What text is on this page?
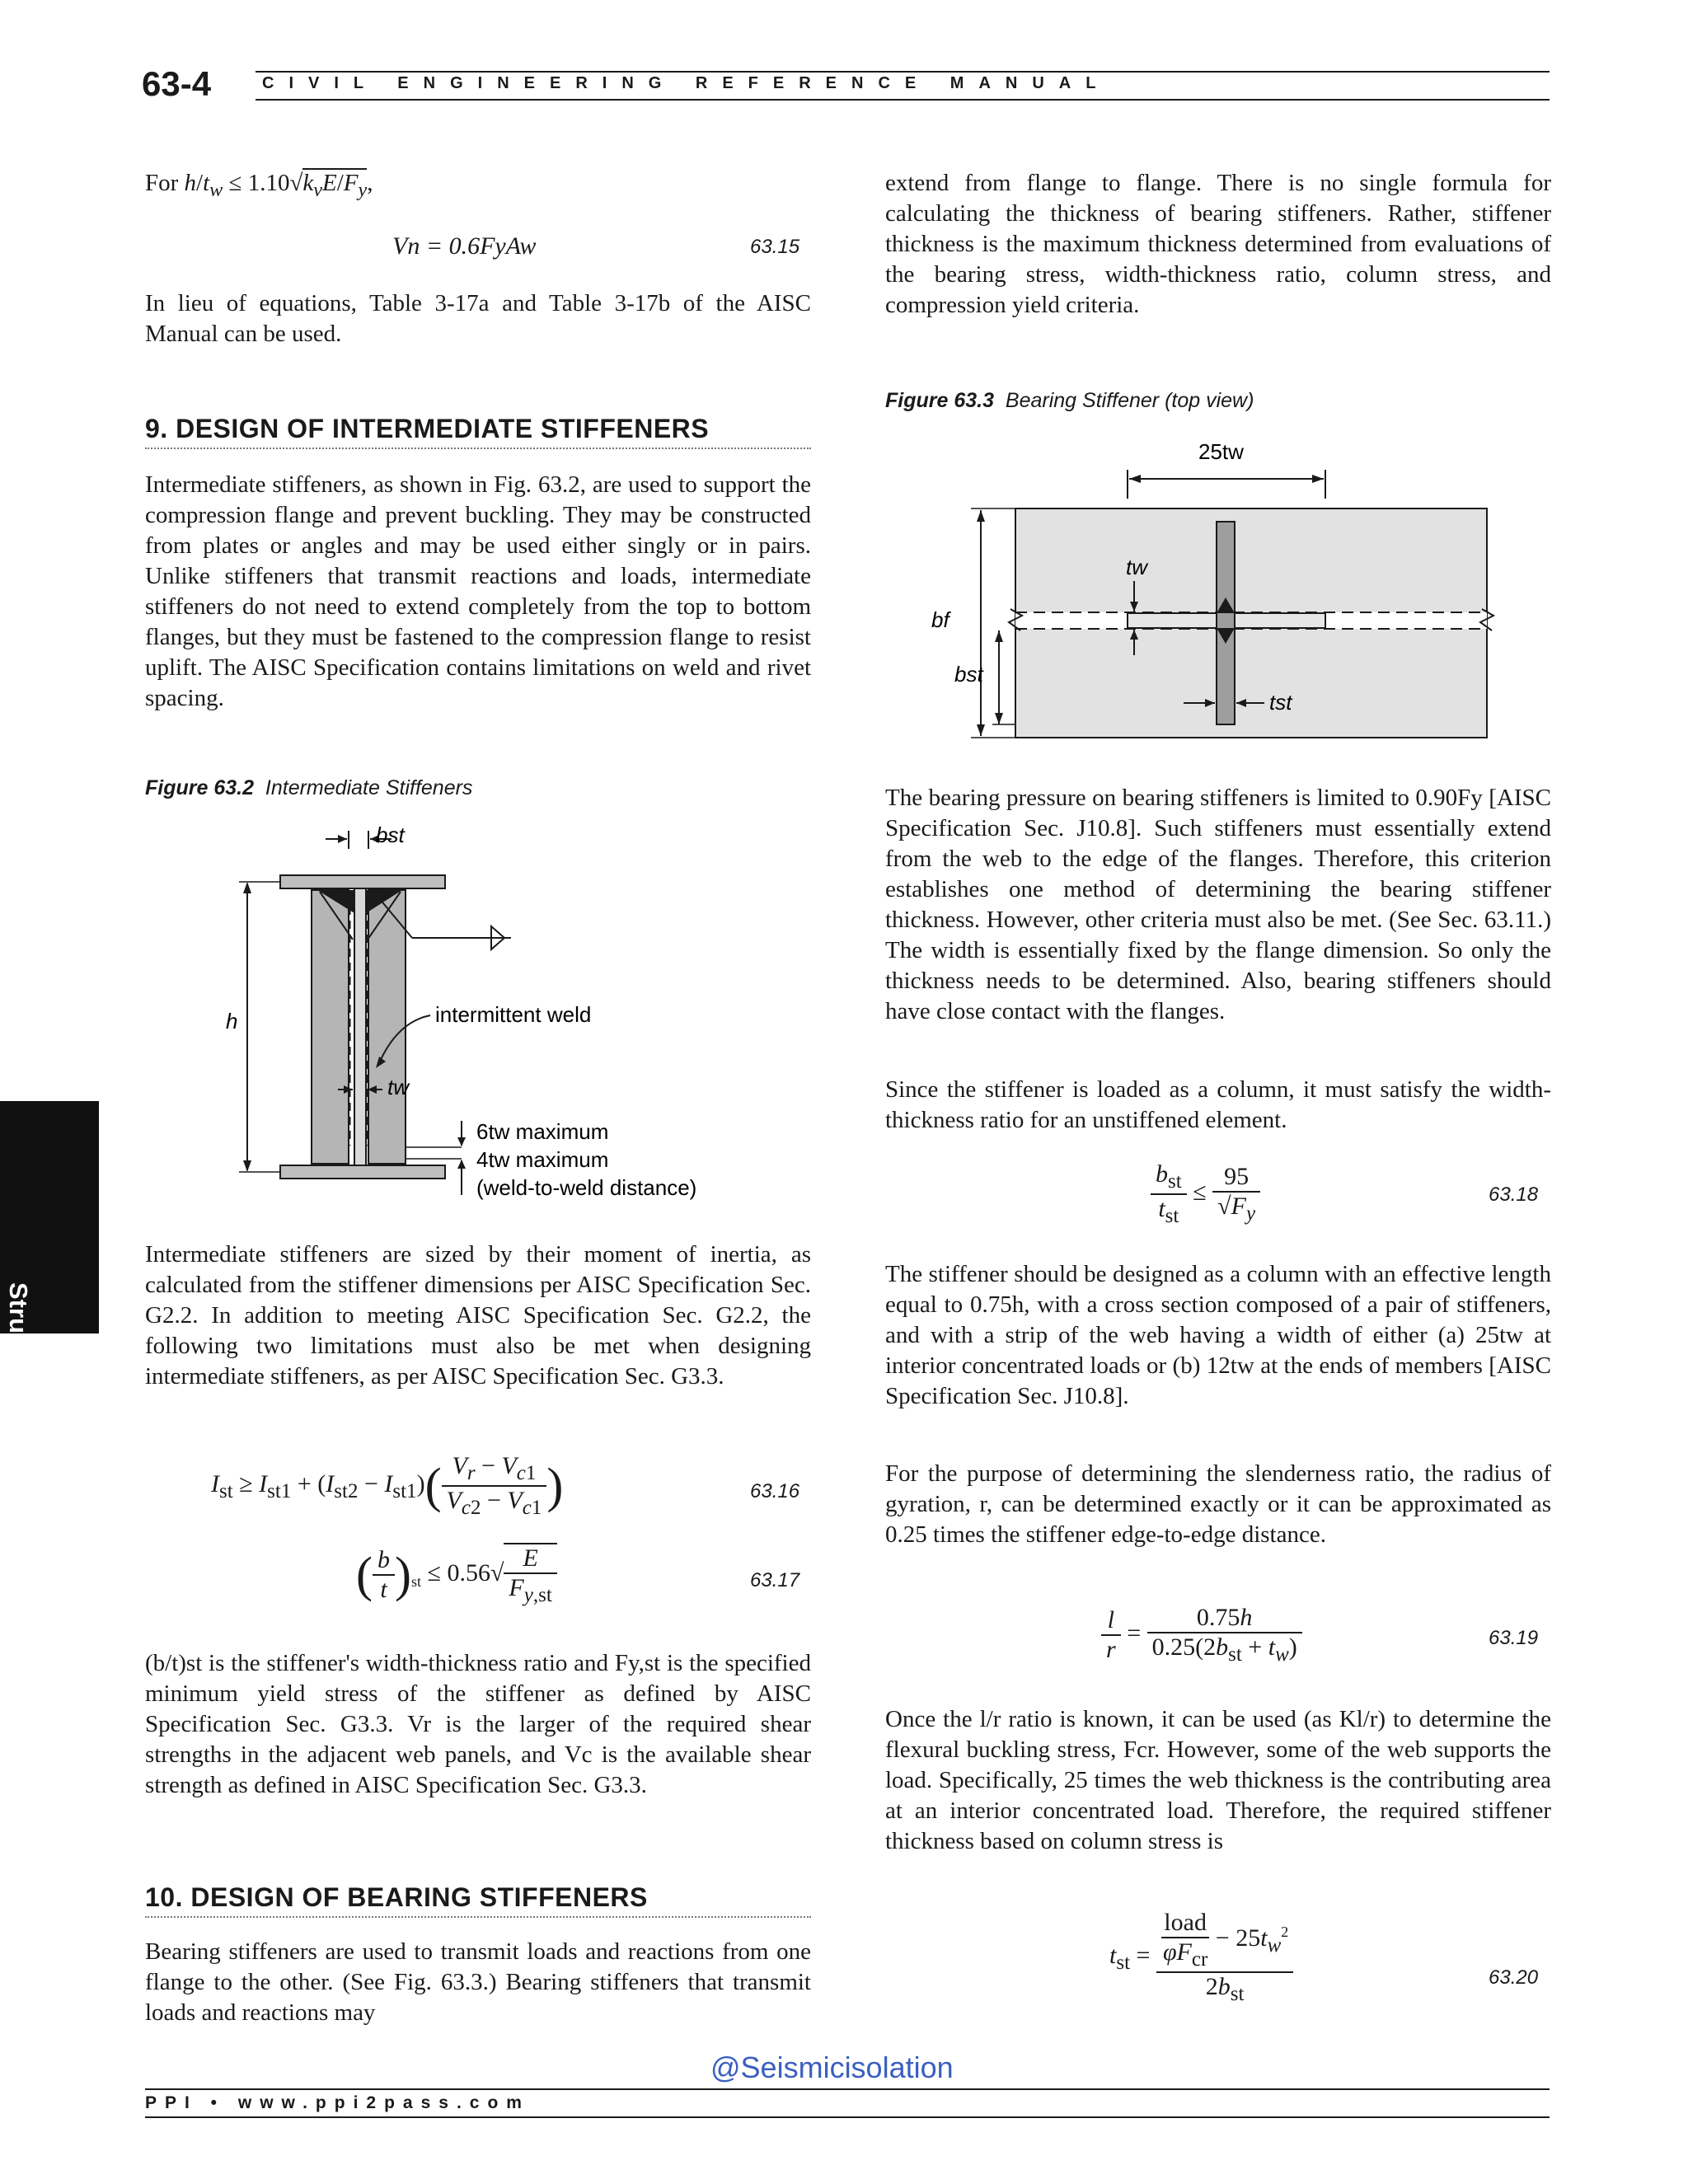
63-4	CIVIL ENGINEERING REFERENCE MANUAL
Structural
For $h/t_w \le 1.10√k_vE/F_y$,
Vn = 0.6FyAw	63.15

In lieu of equations, Table 3-17a and Table 3-17b of the AISC Manual can be used.

9. DESIGN OF INTERMEDIATE STIFFENERS

Intermediate stiffeners, as shown in Fig. 63.2, are used to support the compression flange and prevent buckling. They may be constructed from plates or angles and may be used either singly or in pairs. Unlike stiffeners that transmit reactions and loads, intermediate stiffeners do not need to extend completely from the top to bottom flanges, but they must be fastened to the compression flange to resist uplift. The AISC Specification contains limitations on weld and rivet spacing.

Figure 63.2 Intermediate Stiffeners
bst
h	intermittent weld
tw
6tw maximum
4tw maximum
(weld-to-weld distance)

Intermediate stiffeners are sized by their moment of inertia, as calculated from the stiffener dimensions per AISC Specification Sec. G2.2. In addition to meeting AISC Specification Sec. G2.2, the following two limitations must also be met when designing intermediate stiffeners, as per AISC Specification Sec. G3.3.

$I_{st} \ge I_{st1} + (I_{st2} - I_{st1})( \frac{V_r - V_{c1}}{V_{c2} - V_{c1}}$ )	63.16
( $\frac{b}{t} )_{st} \le 0.56√ \frac{E}{F_{y,st}}$	63.17

(b/t)st is the stiffener's width-thickness ratio and Fy,st is the specified minimum yield stress of the stiffener as defined by AISC Specification Sec. G3.3. Vr is the larger of the required shear strengths in the adjacent web panels, and Vc is the available shear strength as defined in AISC Specification Sec. G3.3.

10. DESIGN OF BEARING STIFFENERS

Bearing stiffeners are used to transmit loads and reactions from one flange to the other. (See Fig. 63.3.) Bearing stiffeners that transmit loads and reactions may

extend from flange to flange. There is no single formula for calculating the thickness of bearing stiffeners. Rather, stiffener thickness is the maximum thickness determined from evaluations of the bearing stress, width-thickness ratio, column stress, and compression yield criteria.

Figure 63.3 Bearing Stiffener (top view)
25tw
tw
bf
bst
tst

The bearing pressure on bearing stiffeners is limited to 0.90Fy [AISC Specification Sec. J10.8]. Such stiffeners must essentially extend from the web to the edge of the flanges. Therefore, this criterion establishes one method of determining the bearing stiffener thickness. However, other criteria must also be met. (See Sec. 63.11.) The width is essentially fixed by the flange dimension. So only the thickness needs to be determined. Also, bearing stiffeners should have close contact with the flanges.

Since the stiffener is loaded as a column, it must satisfy the width-thickness ratio for an unstiffened element.

$\frac{b_{st}}{t_{st}} \le \frac{95}{√F_y}$	63.18

The stiffener should be designed as a column with an effective length equal to 0.75h, with a cross section composed of a pair of stiffeners, and with a strip of the web having a width of either (a) 25tw at interior concentrated loads or (b) 12tw at the ends of members [AISC Specification Sec. J10.8].

For the purpose of determining the slenderness ratio, the radius of gyration, r, can be determined exactly or it can be approximated as 0.25 times the stiffener edge-to-edge distance.

$\frac{l}{r} = \frac{0.75h}{0.25(2b_{st} + t_w)}$	63.19

Once the l/r ratio is known, it can be used (as Kl/r) to determine the flexural buckling stress, Fcr. However, some of the web supports the load. Specifically, 25 times the web thickness is the contributing area at an interior concentrated load. Therefore, the required stiffener thickness based on column stress is

$t_{st} = \frac{\frac{\text{load}}{\varphi F_{cr}} - 25t_w^2}{2b_{st}}$	63.20
@Seismicisolation
PPI • www.ppi2pass.com
